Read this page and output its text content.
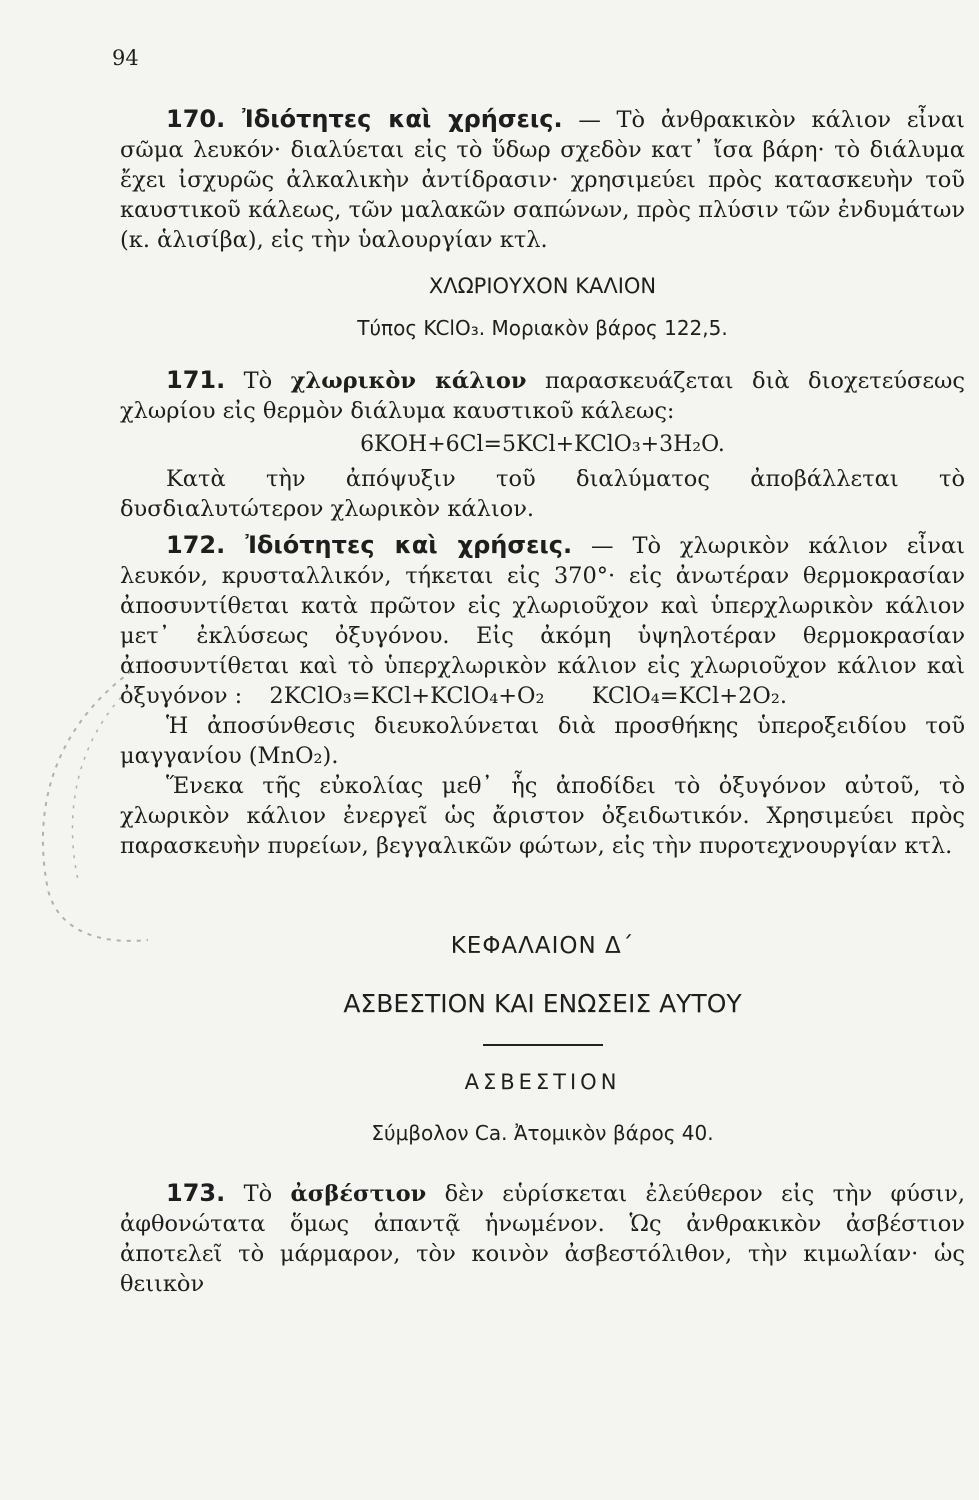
94

170. Ἰδιότητες καὶ χρήσεις. — Τὸ ἀνθρακικὸν κάλιον εἶναι σῶμα λευκόν· διαλύεται εἰς τὸ ὕδωρ σχεδὸν κατ᾽ ἴσα βάρη· τὸ διάλυμα ἔχει ἰσχυρῶς ἀλκαλικὴν ἀντίδρασιν· χρησιμεύει πρὸς κατασκευὴν τοῦ καυστικοῦ κάλεως, τῶν μαλακῶν σαπώνων, πρὸς πλύσιν τῶν ἐνδυμάτων (κ. ἁλισίβα), εἰς τὴν ὑαλουργίαν κτλ.

ΧΛΩΡΙΟΥΧΟΝ ΚΑΛΙΟΝ

Τύπος KClO₃. Μοριακὸν βάρος 122,5.

171. Τὸ χλωρικὸν κάλιον παρασκευάζεται διὰ διοχετεύσεως χλωρίου εἰς θερμὸν διάλυμα καυστικοῦ κάλεως:

6KOH+6Cl=5KCl+KClO₃+3H₂O.

Κατὰ τὴν ἀπόψυξιν τοῦ διαλύματος ἀποβάλλεται τὸ δυσδιαλυτώτερον χλωρικὸν κάλιον.

172. Ἰδιότητες καὶ χρήσεις. — Τὸ χλωρικὸν κάλιον εἶναι λευκόν, κρυσταλλικόν, τήκεται εἰς 370°· εἰς ἀνωτέραν θερμοκρασίαν ἀποσυντίθεται κατὰ πρῶτον εἰς χλωριοῦχον καὶ ὑπερχλωρικὸν κάλιον μετ᾽ ἐκλύσεως ὀξυγόνου. Εἰς ἀκόμη ὑψηλοτέραν θερμοκρασίαν ἀποσυντίθεται καὶ τὸ ὑπερχλωρικὸν κάλιον εἰς χλωριοῦχον κάλιον καὶ ὀξυγόνον : 2KClO₃=KCl+KClO₄+O₂ KClO₄=KCl+2O₂.

Ἡ ἀποσύνθεσις διευκολύνεται διὰ προσθήκης ὑπεροξειδίου τοῦ μαγγανίου (MnO₂).

Ἕνεκα τῆς εὐκολίας μεθ᾽ ἧς ἀποδίδει τὸ ὀξυγόνον αὐτοῦ, τὸ χλωρικὸν κάλιον ἐνεργεῖ ὡς ἄριστον ὀξειδωτικόν. Χρησιμεύει πρὸς παρασκευὴν πυρείων, βεγγαλικῶν φώτων, εἰς τὴν πυροτεχνουργίαν κτλ.

ΚΕΦΑΛΑΙΟΝ Δ΄

ΑΣΒΕΣΤΙΟΝ ΚΑΙ ΕΝΩΣΕΙΣ ΑΥΤΟΥ

ΑΣΒΕΣΤΙΟΝ

Σύμβολον Ca. Ἀτομικὸν βάρος 40.

173. Τὸ ἀσβέστιον δὲν εὑρίσκεται ἐλεύθερον εἰς τὴν φύσιν, ἀφθονώτατα ὅμως ἀπαντᾷ ἡνωμένον. Ὡς ἀνθρακικὸν ἀσβέστιον ἀποτελεῖ τὸ μάρμαρον, τὸν κοινὸν ἀσβεστόλιθον, τὴν κιμωλίαν· ὡς θειικὸν
